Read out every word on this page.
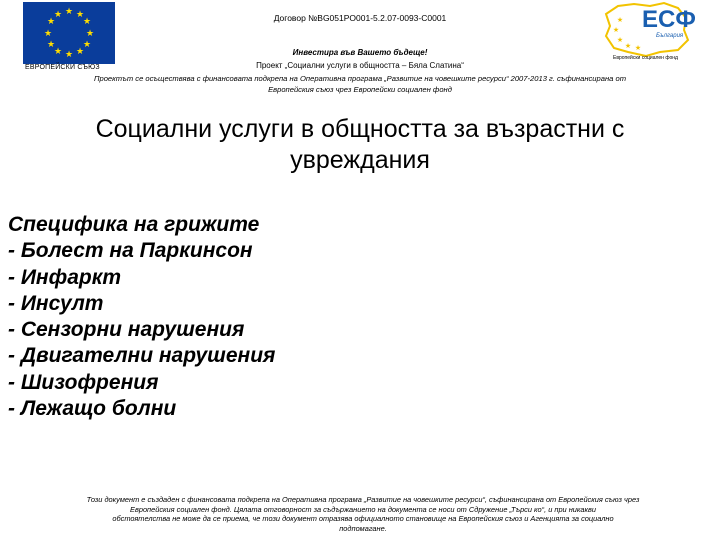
★ ★
★
★
★
★
★
★
★
★
★
★
ЕВРОПЕЙСКИ СЪЮЗ
★
★
★
★ ★
ЕСФ
България
Европейски социален фонд
Договор №BG051PO001-5.2.07-0093-С0001
Инвестира във Вашето бъдеще!
Проект „Социални услуги в общността – Бяла Слатина“
Проектът се осъществява с финансовата подкрепа на Оперативна програма „Развитие на човешките ресурси“ 2007-2013 г. съфинансирана от
Европейския съюз чрез Европейски социален фонд
Социални услуги в общността за възрастни с
увреждания
Специфика на грижите
- Болест на Паркинсон
- Инфаркт
- Инсулт
- Сензорни нарушения
- Двигателни нарушения
- Шизофрения
- Лежащо болни
Този документ е създаден с финансовата подкрепа на Оперативна програма „Развитие на човешките ресурси“, съфинансирана от Европейския съюз чрез
Европейския социален фонд. Цялата отговорност за съдържанието на документа се носи от Сдружение „Търси ко“, и при никакви
обстоятелства не може да се приема, че този документ отразява официалното становище на Европейския съюз и Агенцията за социално
подпомагане.
